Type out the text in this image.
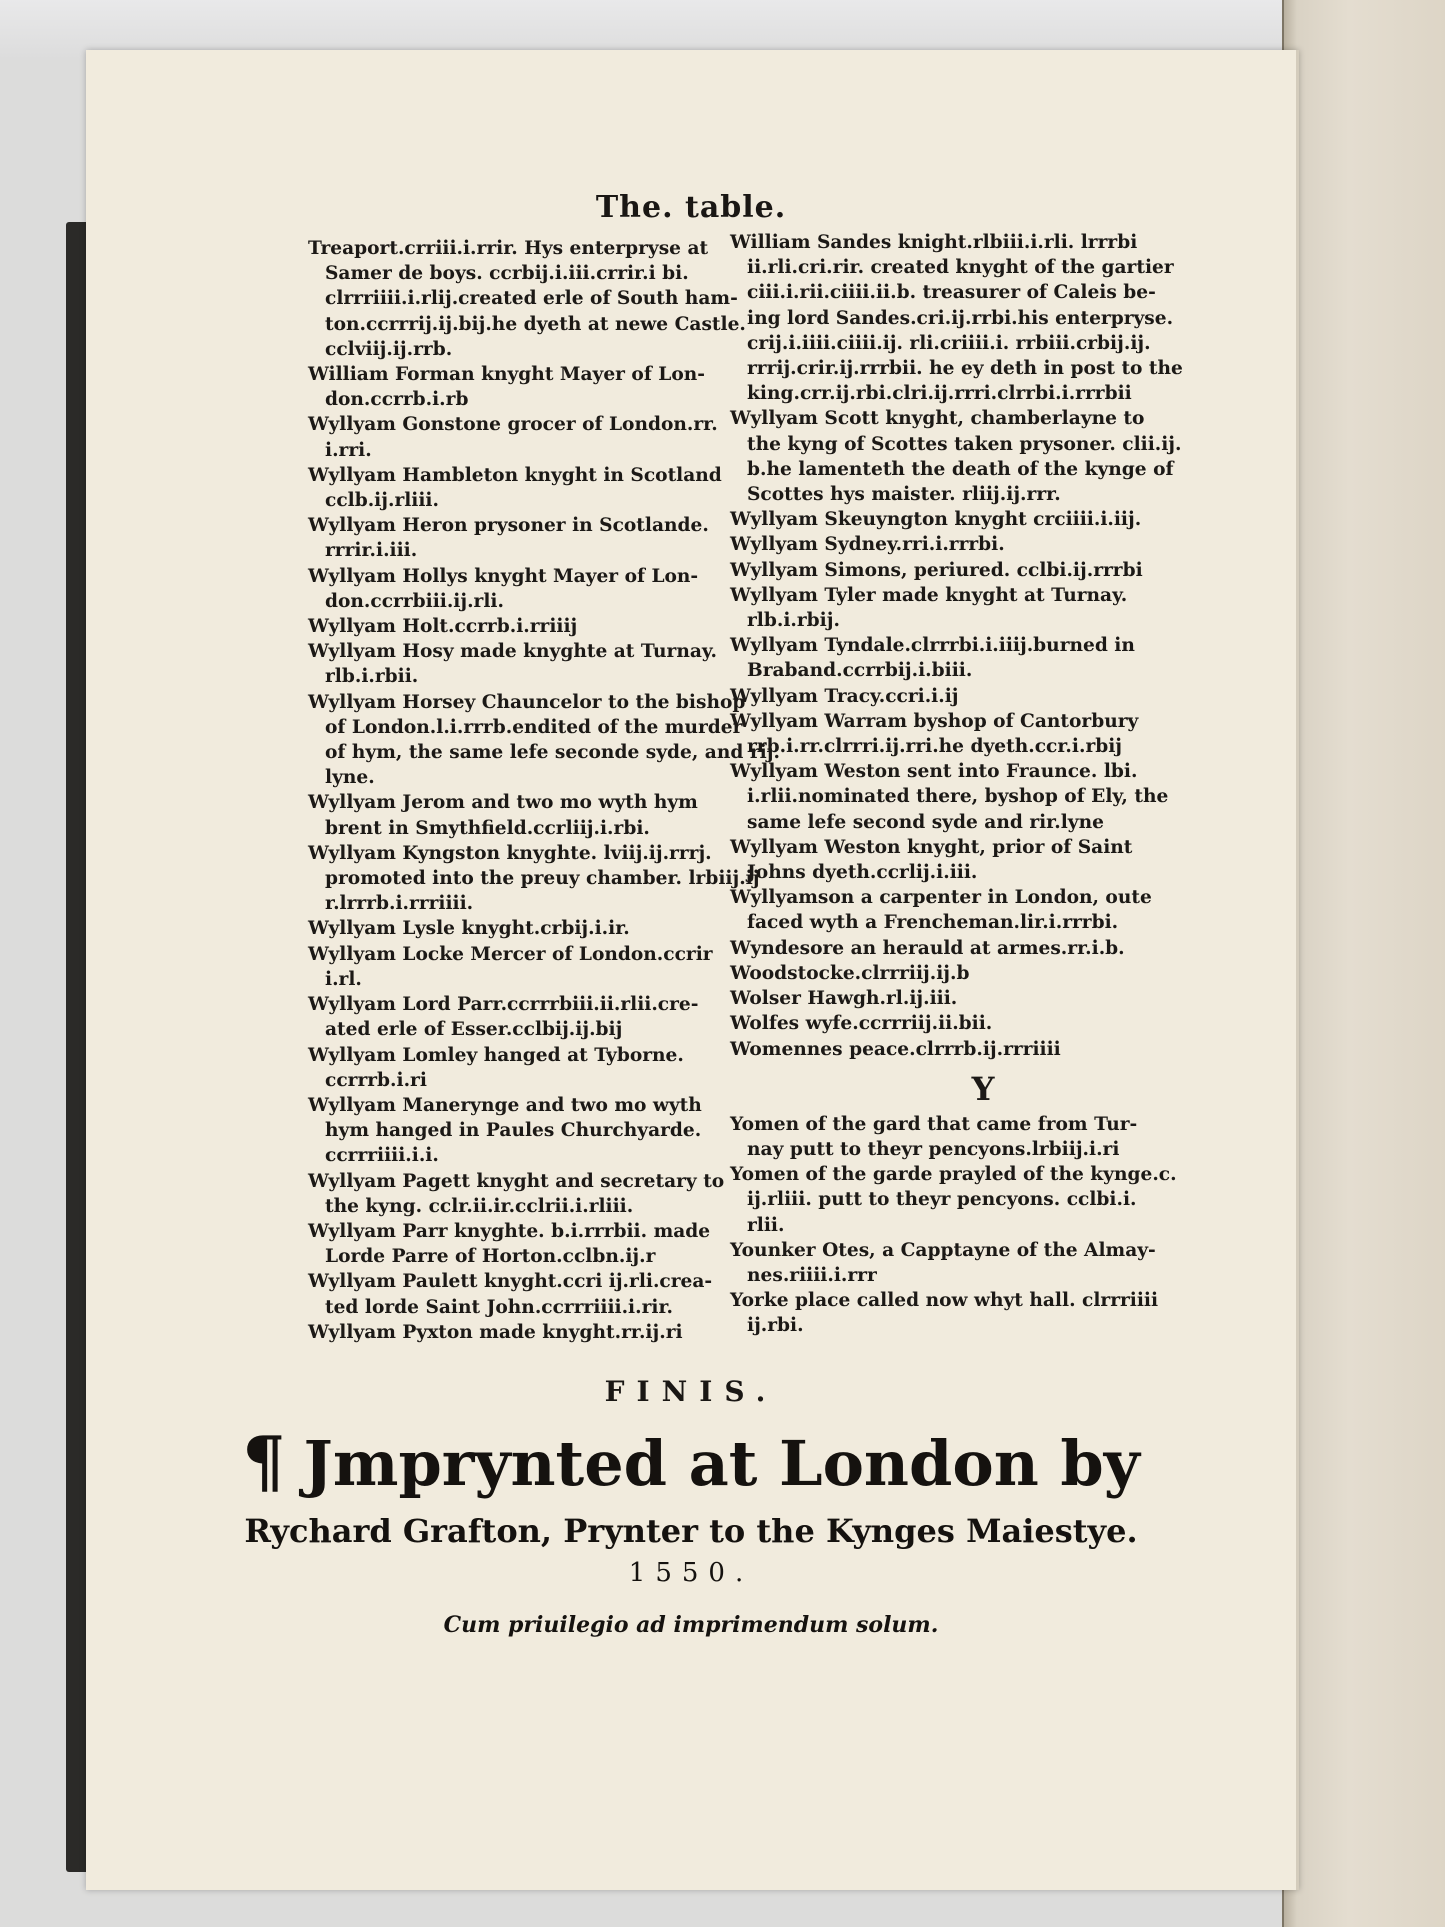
The. table.
Treaport.crriii.i.rrir. Hys enterpryse at
Samer de boys. ccrbij.i.iii.crrir.i bi.
clrrriiii.i.rlij.created erle of South ham-
ton.ccrrrij.ij.bij.he dyeth at newe Castle.
cclviij.ij.rrb.
William Forman knyght Mayer of Lon-
don.ccrrb.i.rb
Wyllyam Gonstone grocer of London.rr.
i.rri.
Wyllyam Hambleton knyght in Scotland
cclb.ij.rliii.
Wyllyam Heron prysoner in Scotlande.
rrrir.i.iii.
Wyllyam Hollys knyght Mayer of Lon-
don.ccrrbiii.ij.rli.
Wyllyam Holt.ccrrb.i.rriiij
Wyllyam Hosy made knyghte at Turnay.
rlb.i.rbii.
Wyllyam Horsey Chauncelor to the bishop
of London.l.i.rrrb.endited of the murder
of hym, the same lefe seconde syde, and rij.
lyne.
Wyllyam Jerom and two mo wyth hym
brent in Smythfield.ccrliij.i.rbi.
Wyllyam Kyngston knyghte. lviij.ij.rrrj.
promoted into the preuy chamber. lrbiij.ij
r.lrrrb.i.rrriiii.
Wyllyam Lysle knyght.crbij.i.ir.
Wyllyam Locke Mercer of London.ccrir
i.rl.
Wyllyam Lord Parr.ccrrrbiii.ii.rlii.cre-
ated erle of Esser.cclbij.ij.bij
Wyllyam Lomley hanged at Tyborne.
ccrrrb.i.ri
Wyllyam Manerynge and two mo wyth
hym hanged in Paules Churchyarde.
ccrrriiii.i.i.
Wyllyam Pagett knyght and secretary to
the kyng. cclr.ii.ir.cclrii.i.rliii.
Wyllyam Parr knyghte. b.i.rrrbii. made
Lorde Parre of Horton.cclbn.ij.r
Wyllyam Paulett knyght.ccri ij.rli.crea-
ted lorde Saint John.ccrrriiii.i.rir.
Wyllyam Pyxton made knyght.rr.ij.ri
William Sandes knight.rlbiii.i.rli. lrrrbi
ii.rli.cri.rir. created knyght of the gartier
ciii.i.rii.ciiii.ii.b. treasurer of Caleis be-
ing lord Sandes.cri.ij.rrbi.his enterpryse.
crij.i.iiii.ciiii.ij. rli.criiii.i. rrbiii.crbij.ij.
rrrij.crir.ij.rrrbii. he ey deth in post to the
king.crr.ij.rbi.clri.ij.rrri.clrrbi.i.rrrbii
Wyllyam Scott knyght, chamberlayne to
the kyng of Scottes taken prysoner. clii.ij.
b.he lamenteth the death of the kynge of
Scottes hys maister. rliij.ij.rrr.
Wyllyam Skeuyngton knyght crciiii.i.iij.
Wyllyam Sydney.rri.i.rrrbi.
Wyllyam Simons, periured. cclbi.ij.rrrbi
Wyllyam Tyler made knyght at Turnay.
rlb.i.rbij.
Wyllyam Tyndale.clrrrbi.i.iiij.burned in
Braband.ccrrbij.i.biii.
Wyllyam Tracy.ccri.i.ij
Wyllyam Warram byshop of Cantorbury
rrb.i.rr.clrrri.ij.rri.he dyeth.ccr.i.rbij
Wyllyam Weston sent into Fraunce. lbi.
i.rlii.nominated there, byshop of Ely, the
same lefe second syde and rir.lyne
Wyllyam Weston knyght, prior of Saint
Johns dyeth.ccrlij.i.iii.
Wyllyamson a carpenter in London, oute
faced wyth a Frencheman.lir.i.rrrbi.
Wyndesore an herauld at armes.rr.i.b.
Woodstocke.clrrriij.ij.b
Wolser Hawgh.rl.ij.iii.
Wolfes wyfe.ccrrriij.ii.bii.
Womennes peace.clrrrb.ij.rrriiii
Y
Yomen of the gard that came from Tur-
nay putt to theyr pencyons.lrbiij.i.ri
Yomen of the garde prayled of the kynge.c.
ij.rliii. putt to theyr pencyons. cclbi.i.
rlii.
Younker Otes, a Capptayne of the Almay-
nes.riiii.i.rrr
Yorke place called now whyt hall. clrrriiii
ij.rbi.
FINIS.
¶ Jmprynted at London by
Rychard Grafton, Prynter to the Kynges Maiestye.
1550.
Cum priuilegio ad imprimendum solum.
